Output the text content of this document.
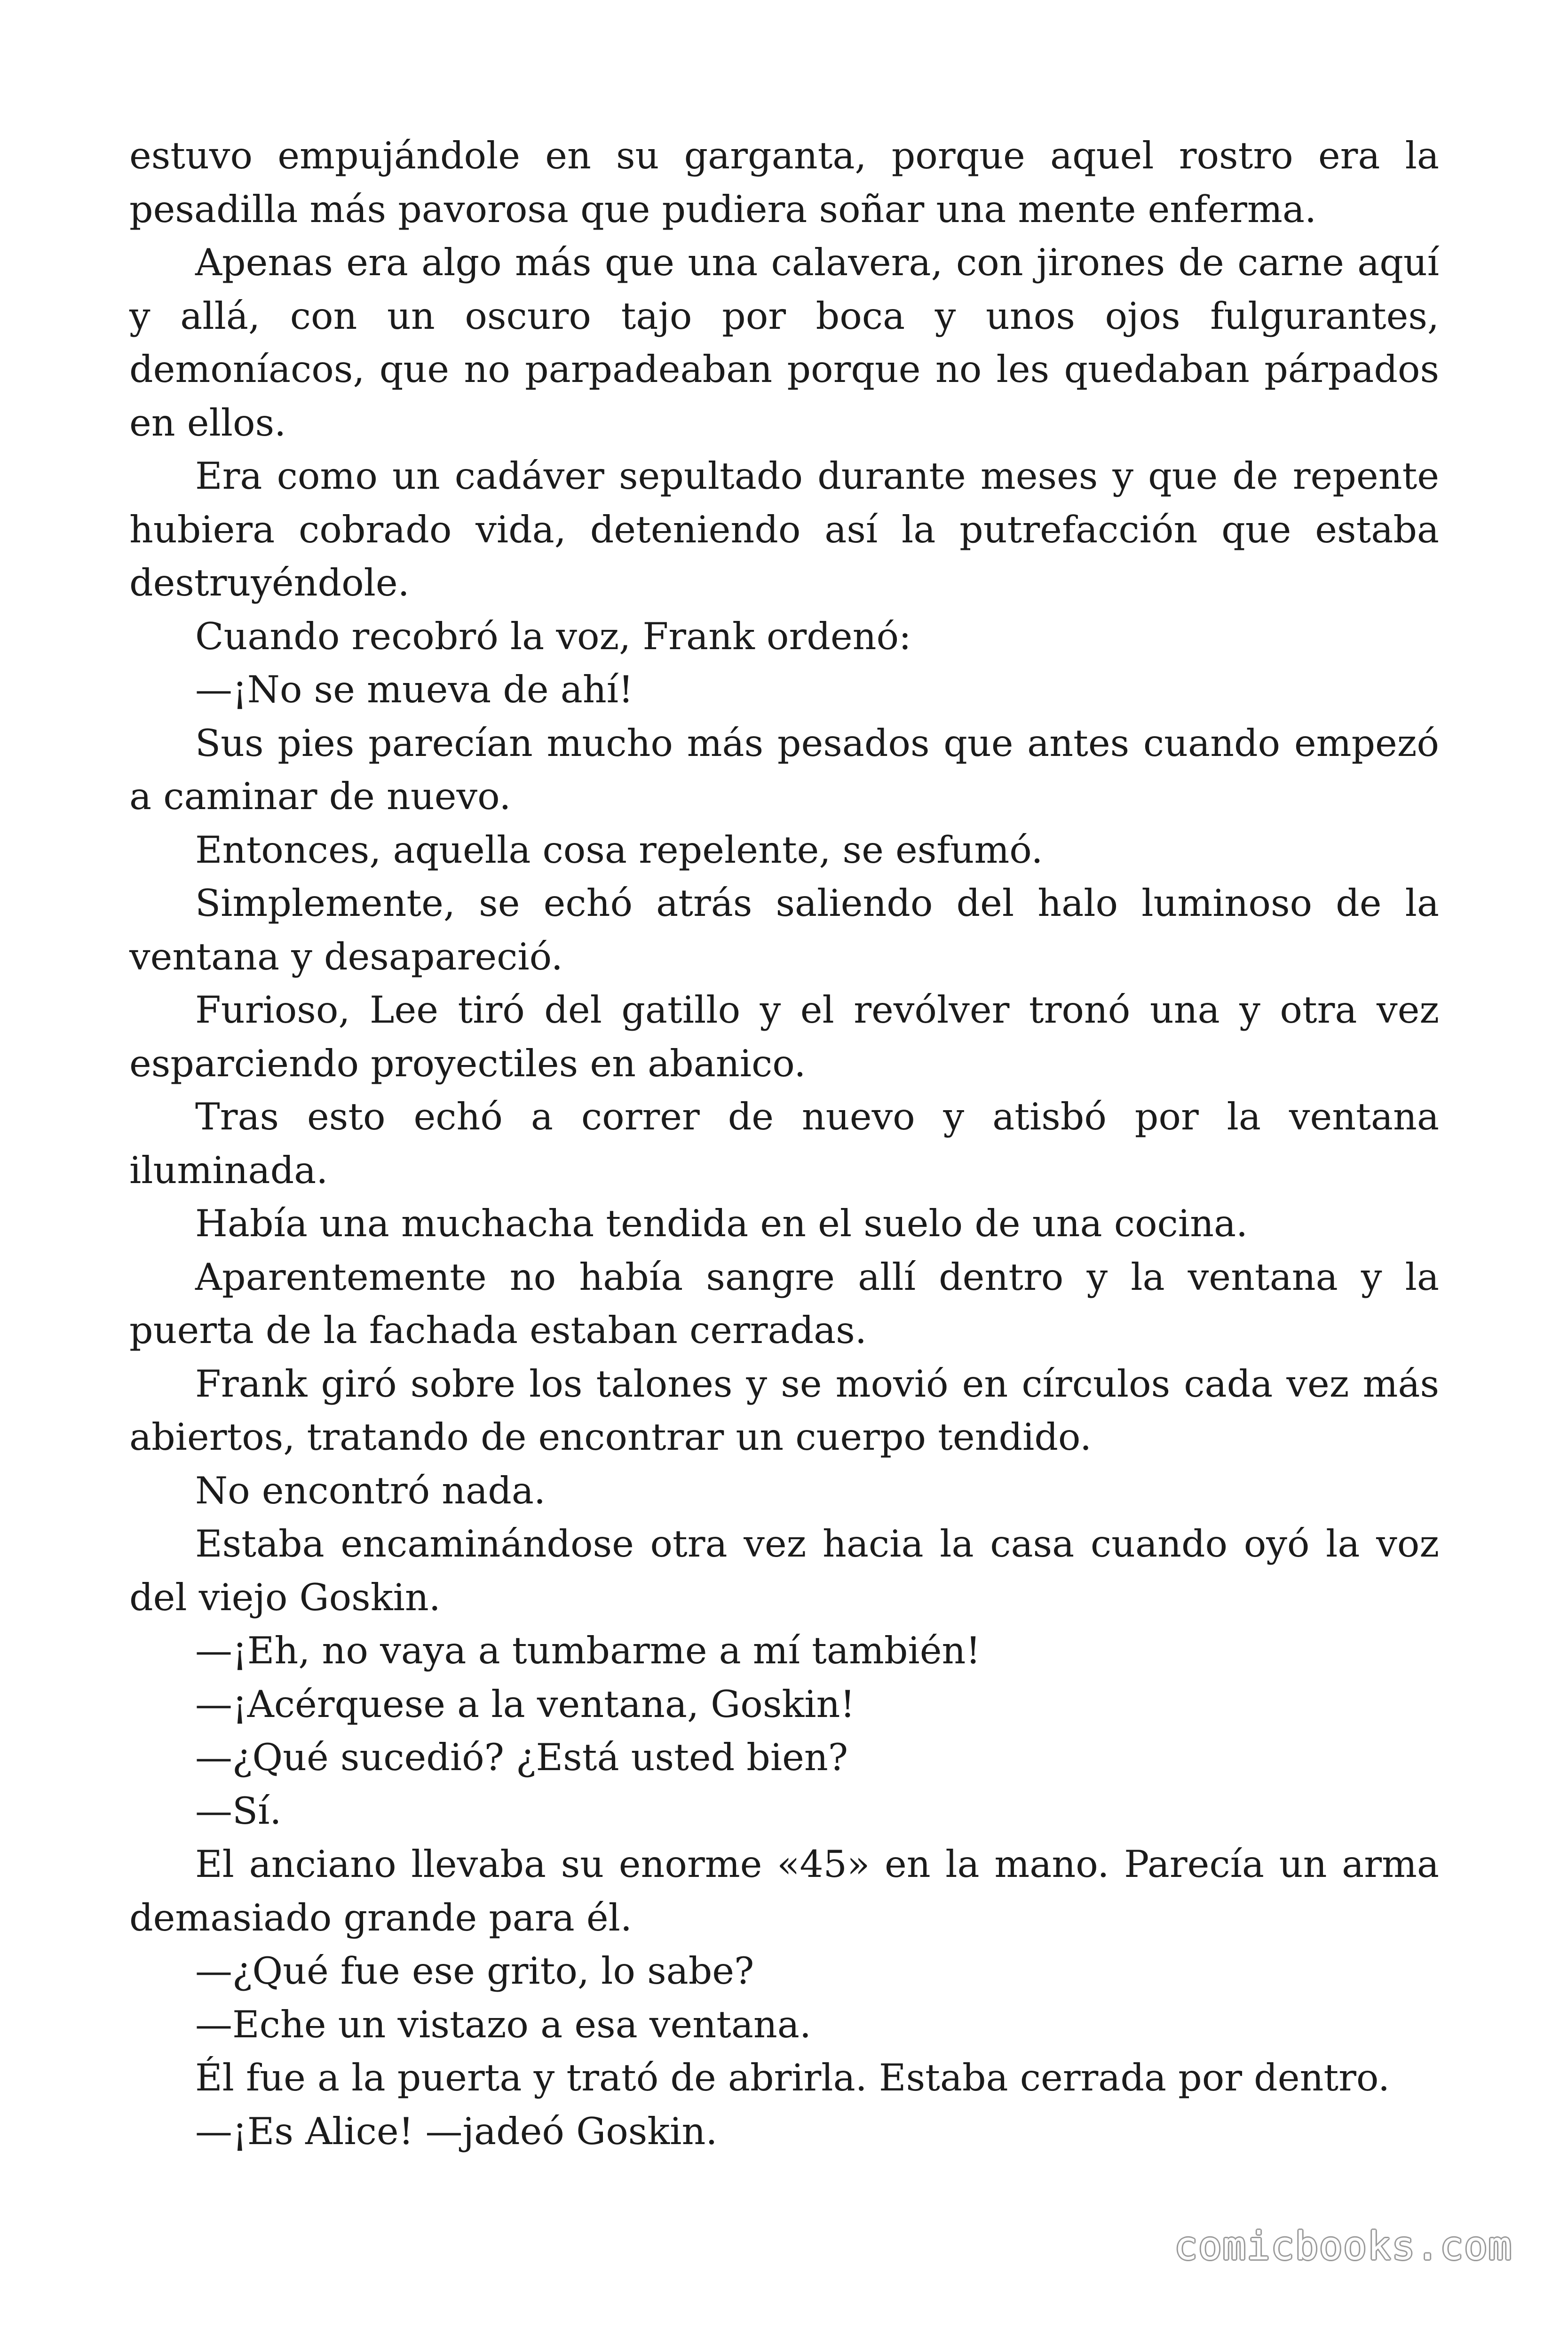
estuvo empujándole en su garganta, porque aquel rostro era la pesadilla más pavorosa que pudiera soñar una mente enferma.

Apenas era algo más que una calavera, con jirones de carne aquí y allá, con un oscuro tajo por boca y unos ojos fulgurantes, demoníacos, que no parpadeaban porque no les quedaban párpados en ellos.

Era como un cadáver sepultado durante meses y que de repente hubiera cobrado vida, deteniendo así la putrefacción que estaba destruyéndole.

Cuando recobró la voz, Frank ordenó:

—¡No se mueva de ahí!

Sus pies parecían mucho más pesados que antes cuando empezó a caminar de nuevo.

Entonces, aquella cosa repelente, se esfumó.

Simplemente, se echó atrás saliendo del halo luminoso de la ventana y desapareció.

Furioso, Lee tiró del gatillo y el revólver tronó una y otra vez esparciendo proyectiles en abanico.

Tras esto echó a correr de nuevo y atisbó por la ventana iluminada.

Había una muchacha tendida en el suelo de una cocina.

Aparentemente no había sangre allí dentro y la ventana y la puerta de la fachada estaban cerradas.

Frank giró sobre los talones y se movió en círculos cada vez más abiertos, tratando de encontrar un cuerpo tendido.

No encontró nada.

Estaba encaminándose otra vez hacia la casa cuando oyó la voz del viejo Goskin.

—¡Eh, no vaya a tumbarme a mí también!

—¡Acérquese a la ventana, Goskin!

—¿Qué sucedió? ¿Está usted bien?

—Sí.

El anciano llevaba su enorme «45» en la mano. Parecía un arma demasiado grande para él.

—¿Qué fue ese grito, lo sabe?

—Eche un vistazo a esa ventana.

Él fue a la puerta y trató de abrirla. Estaba cerrada por dentro.

—¡Es Alice! —jadeó Goskin.

comicbooks.com
